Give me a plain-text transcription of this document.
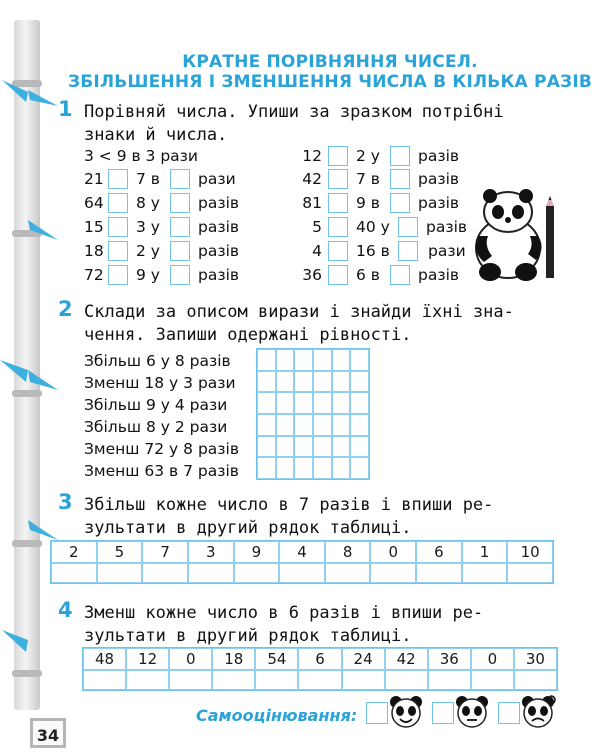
КРАТНЕ ПОРІВНЯННЯ ЧИСЕЛ.
ЗБІЛЬШЕННЯ І ЗМЕНШЕННЯ ЧИСЛА В КІЛЬКА РАЗІВ
1 Порівняй числа. Упиши за зразком потрібні
знаки й числа.
3 < 9 в 3 рази
21 7 в рази
64 8 у разів
15 3 у разів
18 2 у разів
72 9 у разів
12 2 у разів
42 7 в разів
81 9 в разів
5 40 у разів
4 16 в рази
36 6 в разів
2 Склади за описом вирази і знайди їхні зна-
чення. Запиши одержані рівності.
Збільш 6 у 8 разів
Зменш 18 у 3 рази
Збільш 9 у 4 рази
Збільш 8 у 2 рази
Зменш 72 у 8 разів
Зменш 63 в 7 разів
3 Збільш кожне число в 7 разів і впиши ре-
зультати в другий рядок таблиці.
2	5	7	3	9	4	8	0	6	1	10
4 Зменш кожне число в 6 разів і впиши ре-
зультати в другий рядок таблиці.
48	12	0	18	54	6	24	42	36	0	30
34
Самооцінювання:
